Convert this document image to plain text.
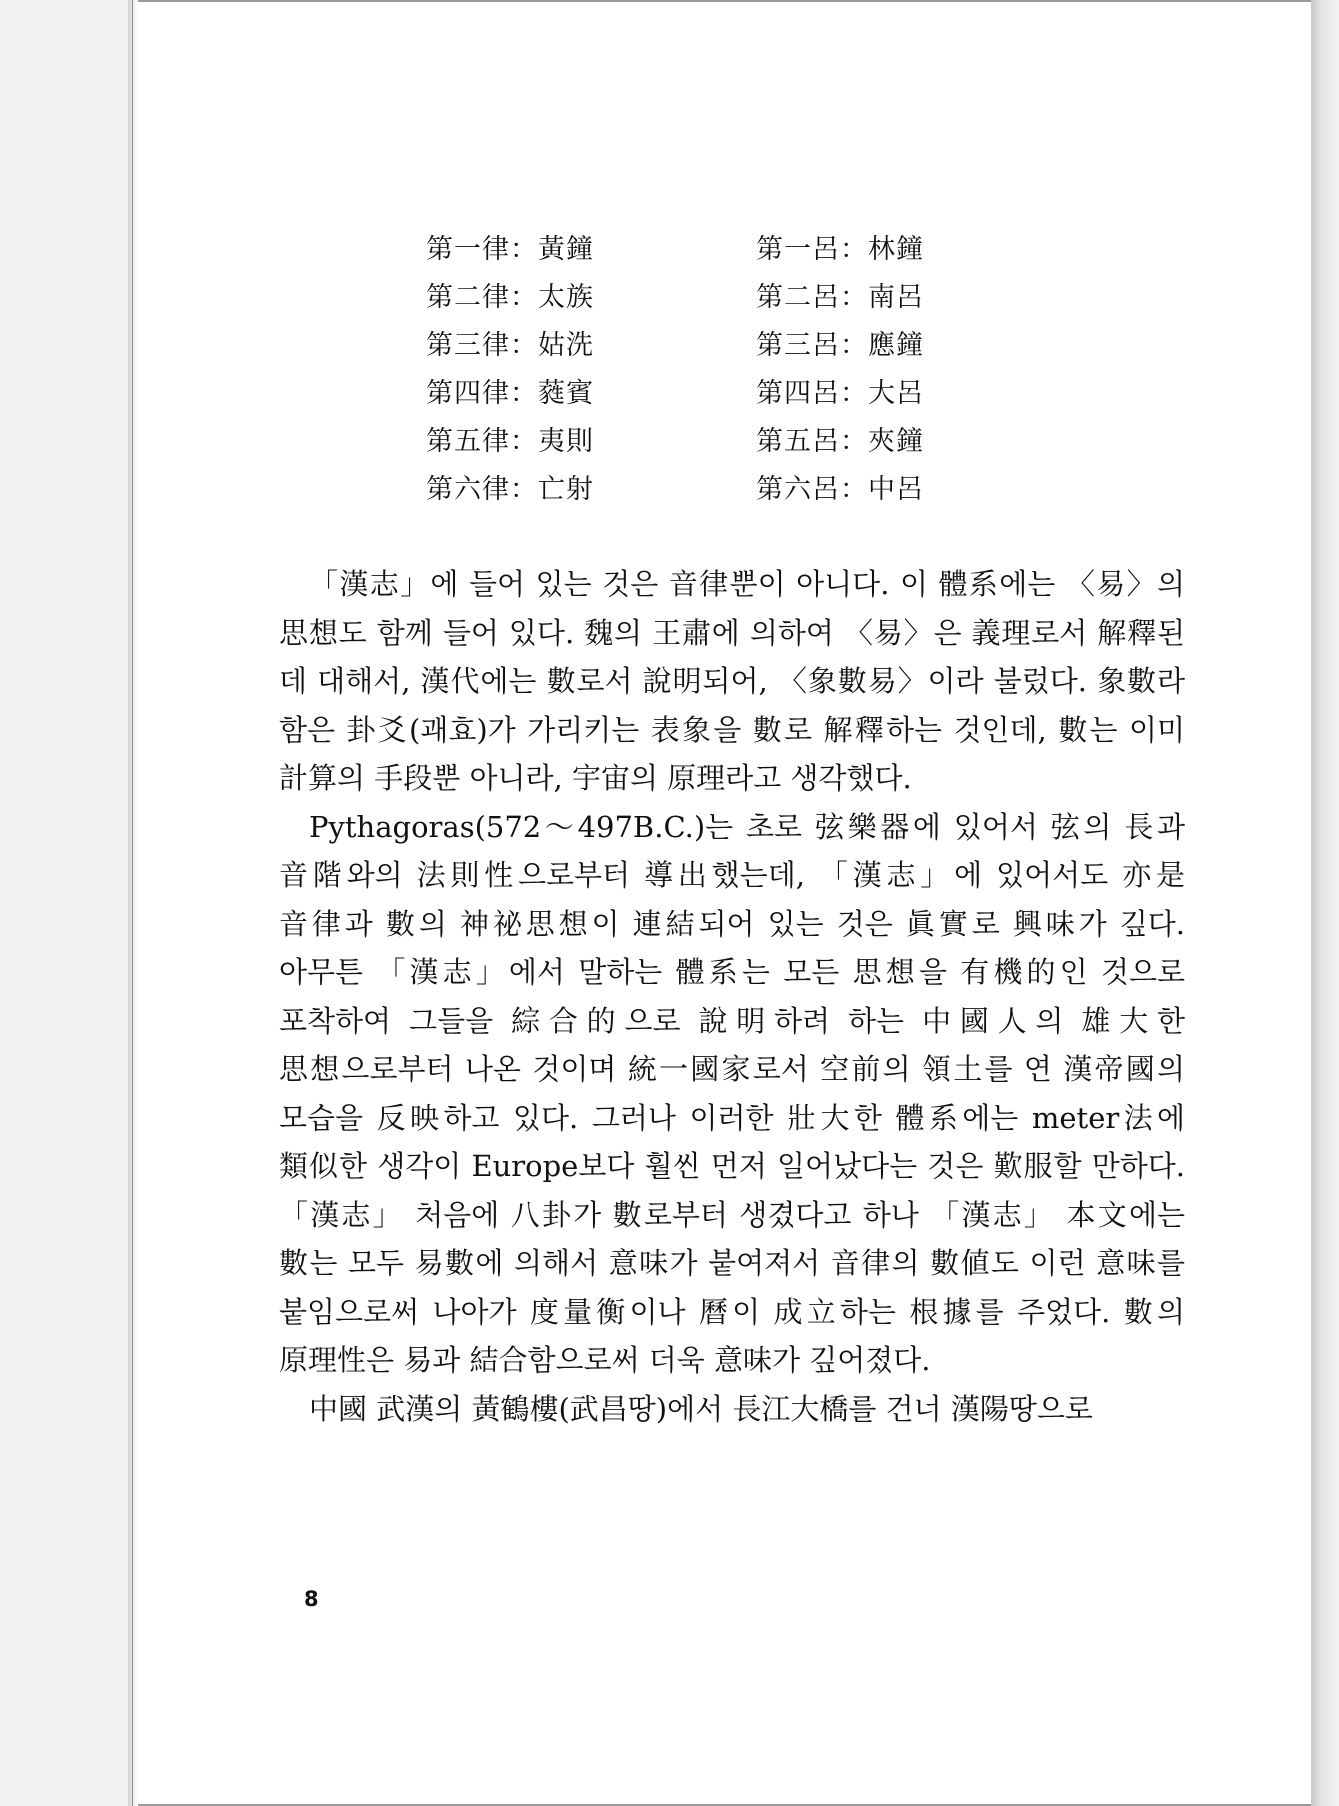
第一律：黃鐘	第一呂：林鐘
第二律：太族	第二呂：南呂
第三律：姑洗	第三呂：應鐘
第四律：蕤賓	第四呂：大呂
第五律：夷則	第五呂：夾鐘
第六律：亡射	第六呂：中呂

「漢志」에 들어 있는 것은 音律뿐이 아니다. 이 體系에는 〈易〉의 思想도 함께 들어 있다. 魏의 王肅에 의하여 〈易〉은 義理로서 解釋된 데 대해서, 漢代에는 數로서 說明되어, 〈象數易〉이라 불렀다. 象數라 함은 卦爻(괘효)가 가리키는 表象을 數로 解釋하는 것인데, 數는 이미 計算의 手段뿐 아니라, 宇宙의 原理라고 생각했다.

Pythagoras(572～497B.C.)는 초로 弦樂器에 있어서 弦의 長과 音階와의 法則性으로부터 導出했는데, 「漢志」에 있어서도 亦是 音律과 數의 神祕思想이 連結되어 있는 것은 眞實로 興味가 깊다. 아무튼 「漢志」에서 말하는 體系는 모든 思想을 有機的인 것으로 포착하여 그들을 綜合的으로 說明하려 하는 中國人의 雄大한 思想으로부터 나온 것이며 統一國家로서 空前의 領土를 연 漢帝國의 모습을 反映하고 있다. 그러나 이러한 壯大한 體系에는 meter法에 類似한 생각이 Europe보다 훨씬 먼저 일어났다는 것은 歎服할 만하다. 「漢志」 처음에 八卦가 數로부터 생겼다고 하나 「漢志」 本文에는 數는 모두 易數에 의해서 意味가 붙여져서 音律의 數値도 이런 意味를 붙임으로써 나아가 度量衡이나 曆이 成立하는 根據를 주었다. 數의 原理性은 易과 結合함으로써 더욱 意味가 깊어졌다.

中國 武漢의 黃鶴樓(武昌땅)에서 長江大橋를 건너 漢陽땅으로

8
